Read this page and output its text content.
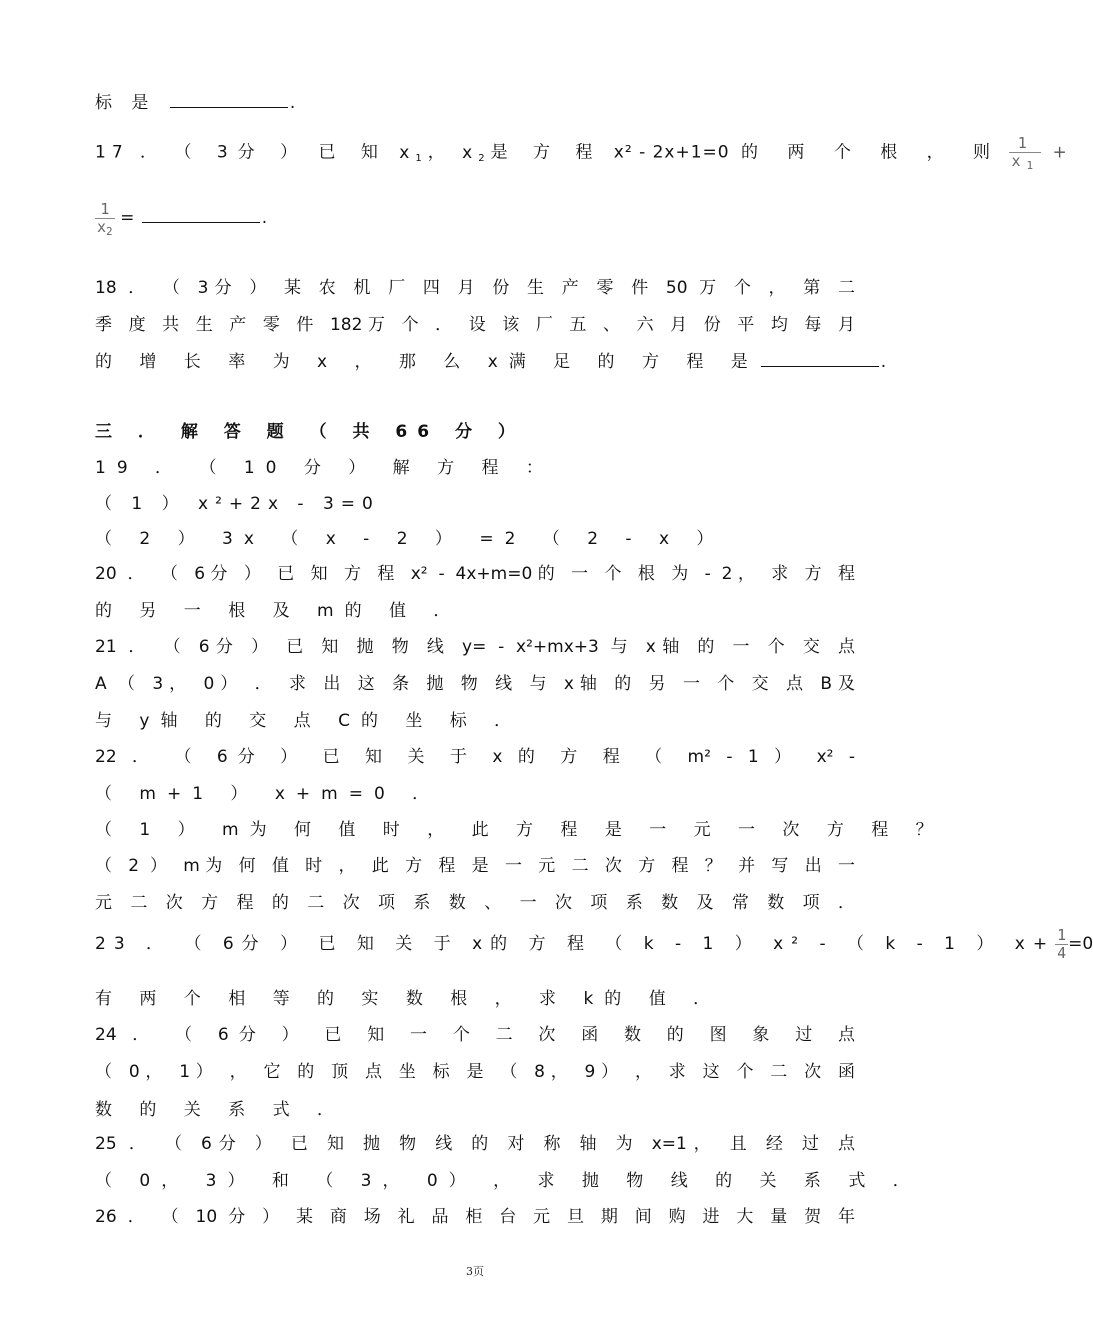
标 是	.
17 ． （ 3分 ） 已 知 $x_1$， $x_2$是 方 程 x² - 2x+1=0 的 两 个 根 ， 则 $\frac{1}{x_1}$ +
$\frac{1}{x_2}$ =	.
18 ． （ 3分 ） 某 农 机 厂 四 月 份 生 产 零 件 50 万 个 ， 第 二
季 度 共 生 产 零 件 182万 个 ． 设 该 厂 五 、 六 月 份 平 均 每 月
的 增 长 率 为 x ， 那 么 x满 足 的 方 程 是	.
三 ． 解 答 题 （ 共 66 分 ）
19 ． （ 10 分 ） 解 方 程 ：
（ 1 ） x²+2x - 3=0
（ 2 ） 3x （ x - 2 ） =2 （ 2 - x ）
20 ． （ 6分 ） 已 知 方 程 x² - 4x+m=0的 一 个 根 为 - 2， 求 方 程
的 另 一 根 及 m的 值 ．
21 ． （ 6分 ） 已 知 抛 物 线 y= - x²+mx+3 与 x轴 的 一 个 交 点
A （ 3， 0） ． 求 出 这 条 抛 物 线 与 x轴 的 另 一 个 交 点 B及
与 y轴 的 交 点 C的 坐 标 ．
22 ． （ 6分 ） 已 知 关 于 x 的 方 程 （ m² - 1 ） x² -
（ m+1 ） x+m=0 ．
（ 1 ） m为 何 值 时 ， 此 方 程 是 一 元 一 次 方 程 ？
（ 2 ） m为 何 值 时 ， 此 方 程 是 一 元 二 次 方 程 ？ 并 写 出 一
元 二 次 方 程 的 二 次 项 系 数 、 一 次 项 系 数 及 常 数 项 ．
23 ． （ 6分 ） 已 知 关 于 x的 方 程 （ k - 1 ） x² - （ k - 1 ） $x+ \frac{1}{4} =0$
有 两 个 相 等 的 实 数 根 ， 求 k的 值 ．
24 ． （ 6分 ） 已 知 一 个 二 次 函 数 的 图 象 过 点
（ 0， 1） ， 它 的 顶 点 坐 标 是 （ 8， 9） ， 求 这 个 二 次 函
数 的 关 系 式 ．
25 ． （ 6分 ） 已 知 抛 物 线 的 对 称 轴 为 x=1， 且 经 过 点
（ 0， 3） 和 （ 3， 0） ， 求 抛 物 线 的 关 系 式 ．
26 ． （ 10 分 ） 某 商 场 礼 品 柜 台 元 旦 期 间 购 进 大 量 贺 年
3页
